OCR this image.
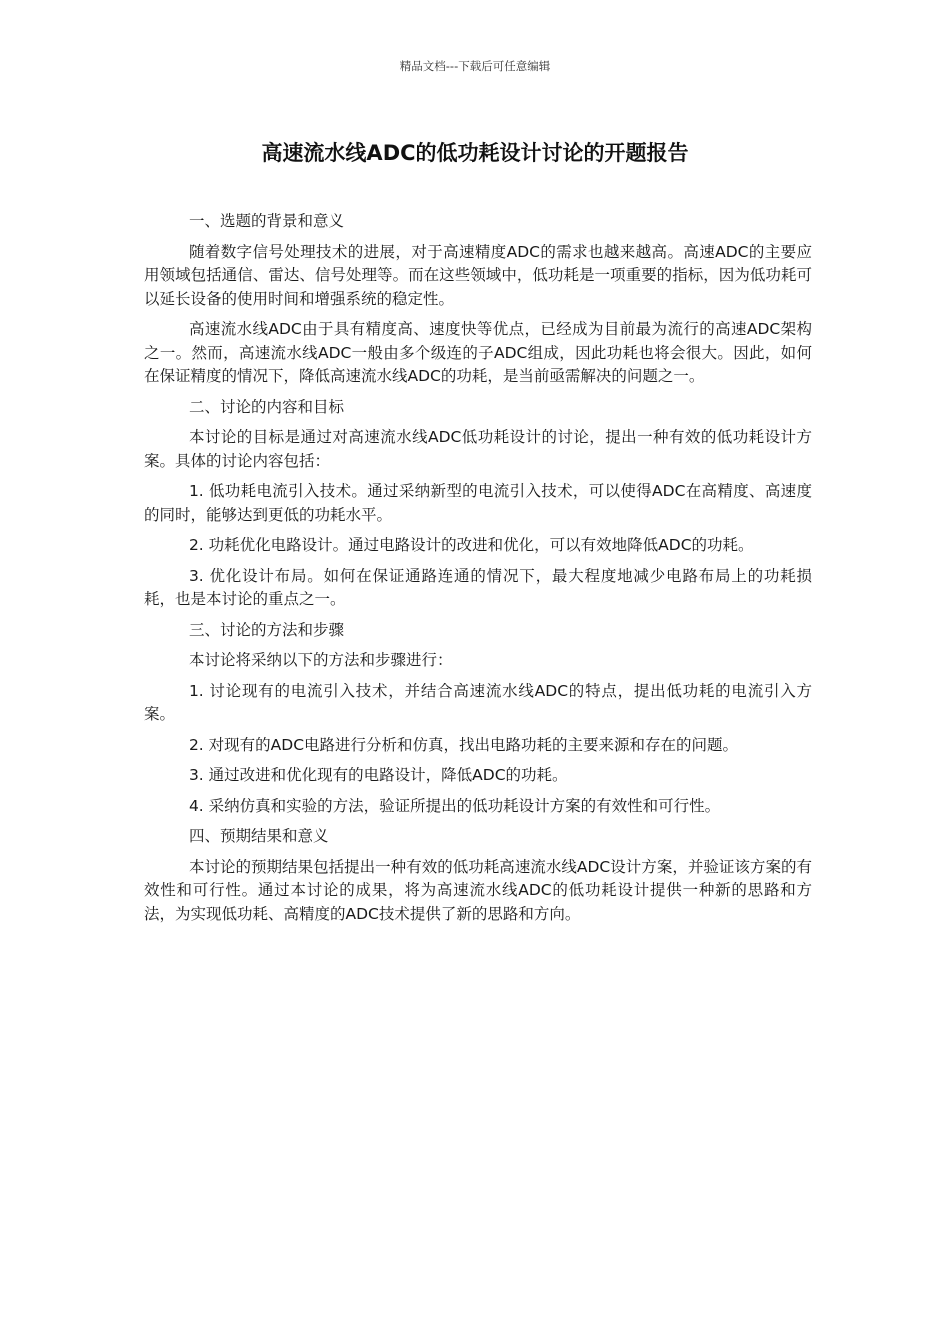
精品文档---下载后可任意编辑
高速流水线ADC的低功耗设计讨论的开题报告

一、选题的背景和意义

随着数字信号处理技术的进展，对于高速精度ADC的需求也越来越高。高速ADC的主要应用领域包括通信、雷达、信号处理等。而在这些领域中，低功耗是一项重要的指标，因为低功耗可以延长设备的使用时间和增强系统的稳定性。

高速流水线ADC由于具有精度高、速度快等优点，已经成为目前最为流行的高速ADC架构之一。然而，高速流水线ADC一般由多个级连的子ADC组成，因此功耗也将会很大。因此，如何在保证精度的情况下，降低高速流水线ADC的功耗，是当前亟需解决的问题之一。

二、讨论的内容和目标

本讨论的目标是通过对高速流水线ADC低功耗设计的讨论，提出一种有效的低功耗设计方案。具体的讨论内容包括：

1. 低功耗电流引入技术。通过采纳新型的电流引入技术，可以使得ADC在高精度、高速度的同时，能够达到更低的功耗水平。

2. 功耗优化电路设计。通过电路设计的改进和优化，可以有效地降低ADC的功耗。

3. 优化设计布局。如何在保证通路连通的情况下，最大程度地减少电路布局上的功耗损耗，也是本讨论的重点之一。

三、讨论的方法和步骤

本讨论将采纳以下的方法和步骤进行：

1. 讨论现有的电流引入技术，并结合高速流水线ADC的特点，提出低功耗的电流引入方案。

2. 对现有的ADC电路进行分析和仿真，找出电路功耗的主要来源和存在的问题。

3. 通过改进和优化现有的电路设计，降低ADC的功耗。

4. 采纳仿真和实验的方法，验证所提出的低功耗设计方案的有效性和可行性。

四、预期结果和意义

本讨论的预期结果包括提出一种有效的低功耗高速流水线ADC设计方案，并验证该方案的有效性和可行性。通过本讨论的成果，将为高速流水线ADC的低功耗设计提供一种新的思路和方法，为实现低功耗、高精度的ADC技术提供了新的思路和方向。
